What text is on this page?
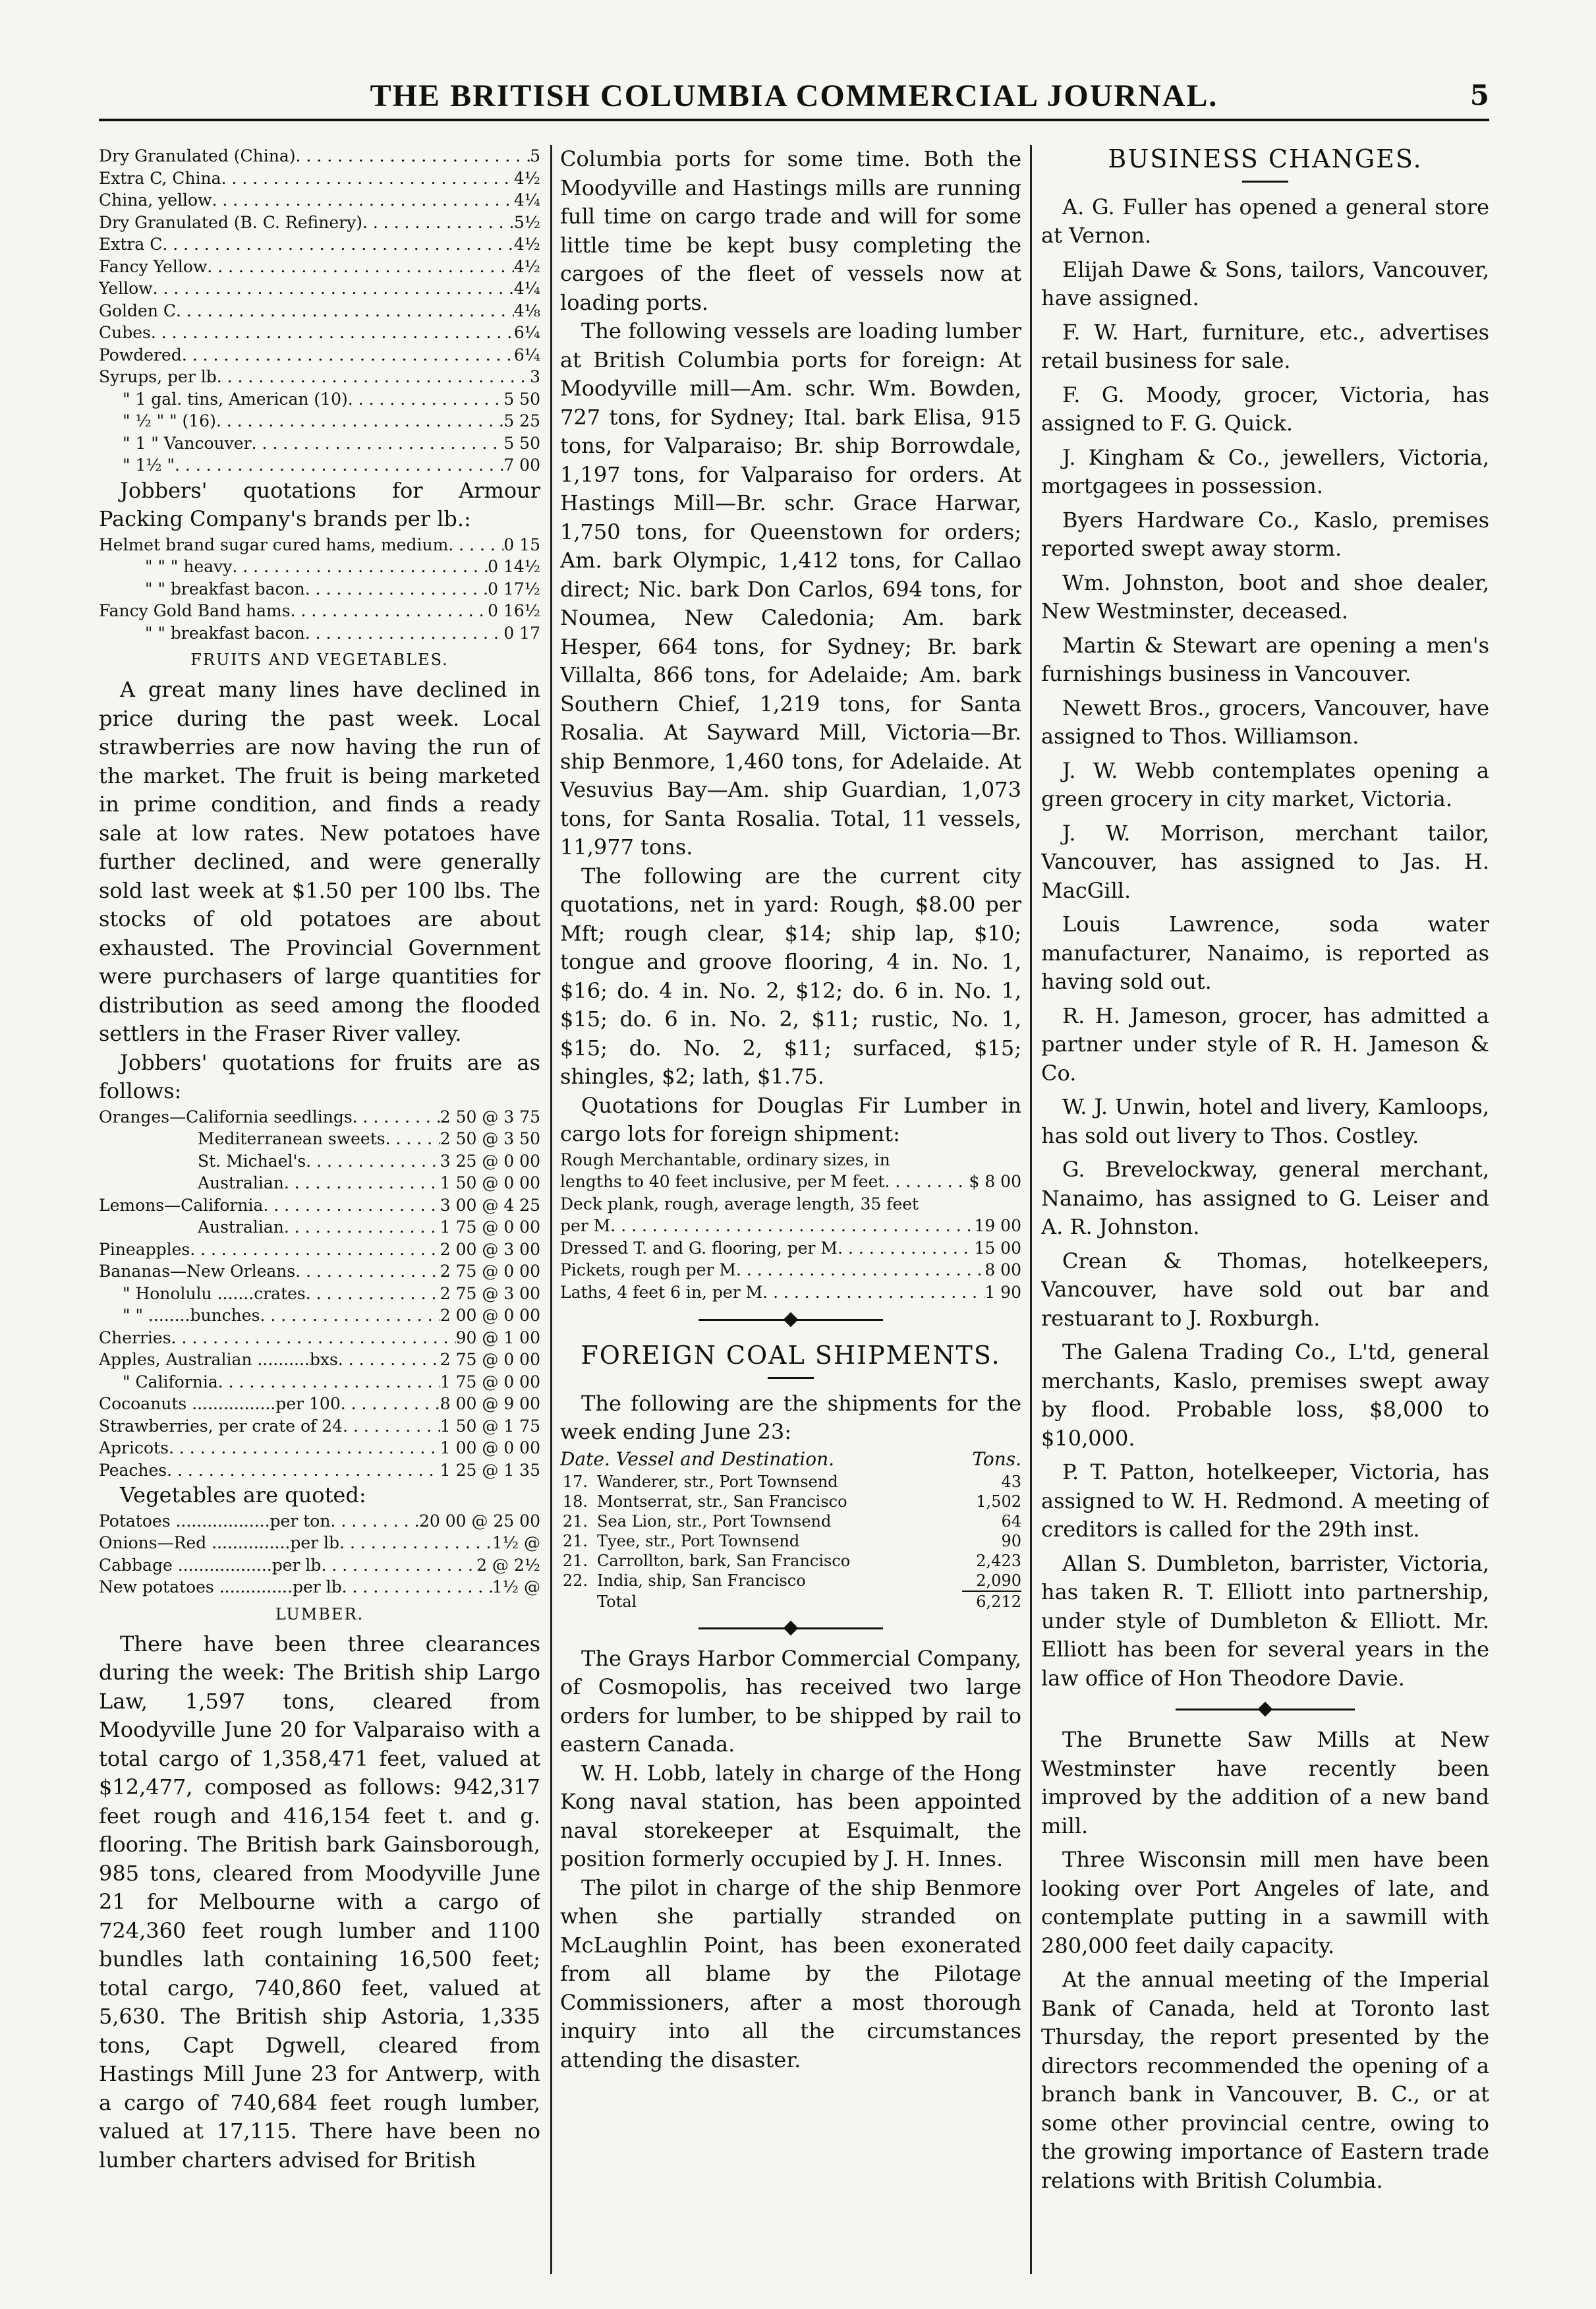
THE BRITISH COLUMBIA COMMERCIAL JOURNAL.	5
Dry Granulated (China) . . .	5
Extra C, China . . .	4½
China, yellow . . .	4¼
Dry Granulated (B. C. Refinery) . . .	5½
Extra C . . .	4½
Fancy Yellow . . .	4½
Yellow . . .	4¼
Golden C . . .	4⅛
Cubes . . .	6¼
Powdered . . .	6¼
Syrups, per lb . . .	3
" 1 gal. tins, American (10) . . .	5 50
" ½ " " (16) . . .	5 25
" 1 " Vancouver . . .	5 50
" 1½ " . . .	7 00

Jobbers' quotations for Armour Packing Company's brands per lb.:

Helmet brand sugar cured hams, medium . . .	0 15
" " " heavy . . .	0 14½
" " breakfast bacon . . .	0 17½
Fancy Gold Band hams . . .	0 16½
" " breakfast bacon . . .	0 17
FRUITS AND VEGETABLES.

A great many lines have declined in price during the past week. Local strawberries are now having the run of the market. The fruit is being marketed in prime condition, and finds a ready sale at low rates. New potatoes have further declined, and were generally sold last week at $1.50 per 100 lbs. The stocks of old potatoes are about exhausted. The Provincial Government were purchasers of large quantities for distribution as seed among the flooded settlers in the Fraser River valley.

Jobbers' quotations for fruits are as follows:

Oranges—California seedlings . . .	2 50 @ 3 75
Mediterranean sweets . . .	2 50 @ 3 50
St. Michael's . . .	3 25 @ 0 00
Australian . . .	1 50 @ 0 00
Lemons—California . . .	3 00 @ 4 25
Australian . . .	1 75 @ 0 00
Pineapples . . .	2 00 @ 3 00
Bananas—New Orleans . . .	2 75 @ 0 00
" Honolulu .......crates . . .	2 75 @ 3 00
" " ........bunches . . .	2 00 @ 0 00
Cherries . . .	90 @ 1 00
Apples, Australian ..........bxs . . .	2 75 @ 0 00
" California . . .	1 75 @ 0 00
Cocoanuts ................per 100 . . .	8 00 @ 9 00
Strawberries, per crate of 24 . . .	1 50 @ 1 75
Apricots . . .	1 00 @ 0 00
Peaches . . .	1 25 @ 1 35

Vegetables are quoted:

Potatoes ..................per ton . . .	20 00 @ 25 00
Onions—Red ...............per lb . . .	1½ @
Cabbage ..................per lb . . .	2 @ 2½
New potatoes ..............per lb . . .	1½ @
LUMBER.

There have been three clearances during the week: The British ship Largo Law, 1,597 tons, cleared from Moodyville June 20 for Valparaiso with a total cargo of 1,358,471 feet, valued at $12,477, composed as follows: 942,317 feet rough and 416,154 feet t. and g. flooring. The British bark Gainsborough, 985 tons, cleared from Moodyville June 21 for Melbourne with a cargo of 724,360 feet rough lumber and 1100 bundles lath containing 16,500 feet; total cargo, 740,860 feet, valued at 5,630. The British ship Astoria, 1,335 tons, Capt Dgwell, cleared from Hastings Mill June 23 for Antwerp, with a cargo of 740,684 feet rough lumber, valued at 17,115. There have been no lumber charters advised for British

Columbia ports for some time. Both the Moodyville and Hastings mills are running full time on cargo trade and will for some little time be kept busy completing the cargoes of the fleet of vessels now at loading ports.

The following vessels are loading lumber at British Columbia ports for foreign: At Moodyville mill—Am. schr. Wm. Bowden, 727 tons, for Sydney; Ital. bark Elisa, 915 tons, for Valparaiso; Br. ship Borrowdale, 1,197 tons, for Valparaiso for orders. At Hastings Mill—Br. schr. Grace Harwar, 1,750 tons, for Queenstown for orders; Am. bark Olympic, 1,412 tons, for Callao direct; Nic. bark Don Carlos, 694 tons, for Noumea, New Caledonia; Am. bark Hesper, 664 tons, for Sydney; Br. bark Villalta, 866 tons, for Adelaide; Am. bark Southern Chief, 1,219 tons, for Santa Rosalia. At Sayward Mill, Victoria—Br. ship Benmore, 1,460 tons, for Adelaide. At Vesuvius Bay—Am. ship Guardian, 1,073 tons, for Santa Rosalia. Total, 11 vessels, 11,977 tons.

The following are the current city quotations, net in yard: Rough, $8.00 per Mft; rough clear, $14; ship lap, $10; tongue and groove flooring, 4 in. No. 1, $16; do. 4 in. No. 2, $12; do. 6 in. No. 1, $15; do. 6 in. No. 2, $11; rustic, No. 1, $15; do. No. 2, $11; surfaced, $15; shingles, $2; lath, $1.75.

Quotations for Douglas Fir Lumber in cargo lots for foreign shipment:

Rough Merchantable, ordinary sizes, in
lengths to 40 feet inclusive, per M feet . . .	$ 8 00
Deck plank, rough, average length, 35 feet
per M . . .	19 00
Dressed T. and G. flooring, per M . . .	15 00
Pickets, rough per M . . .	8 00
Laths, 4 feet 6 in, per M . . .	1 90
FOREIGN COAL SHIPMENTS.

The following are the shipments for the week ending June 23:

Date. Vessel and Destination.	Tons.
17. Wanderer, str., Port Townsend	43
18. Montserrat, str., San Francisco	1,502
21. Sea Lion, str., Port Townsend	64
21. Tyee, str., Port Townsend	90
21. Carrollton, bark, San Francisco	2,423
22. India, ship, San Francisco	2,090
Total	6,212

The Grays Harbor Commercial Company, of Cosmopolis, has received two large orders for lumber, to be shipped by rail to eastern Canada.

W. H. Lobb, lately in charge of the Hong Kong naval station, has been appointed naval storekeeper at Esquimalt, the position formerly occupied by J. H. Innes.

The pilot in charge of the ship Benmore when she partially stranded on McLaughlin Point, has been exonerated from all blame by the Pilotage Commissioners, after a most thorough inquiry into all the circumstances attending the disaster.

BUSINESS CHANGES.

A. G. Fuller has opened a general store at Vernon.

Elijah Dawe & Sons, tailors, Vancouver, have assigned.

F. W. Hart, furniture, etc., advertises retail business for sale.

F. G. Moody, grocer, Victoria, has assigned to F. G. Quick.

J. Kingham & Co., jewellers, Victoria, mortgagees in possession.

Byers Hardware Co., Kaslo, premises reported swept away storm.

Wm. Johnston, boot and shoe dealer, New Westminster, deceased.

Martin & Stewart are opening a men's furnishings business in Vancouver.

Newett Bros., grocers, Vancouver, have assigned to Thos. Williamson.

J. W. Webb contemplates opening a green grocery in city market, Victoria.

J. W. Morrison, merchant tailor, Vancouver, has assigned to Jas. H. MacGill.

Louis Lawrence, soda water manufacturer, Nanaimo, is reported as having sold out.

R. H. Jameson, grocer, has admitted a partner under style of R. H. Jameson & Co.

W. J. Unwin, hotel and livery, Kamloops, has sold out livery to Thos. Costley.

G. Brevelockway, general merchant, Nanaimo, has assigned to G. Leiser and A. R. Johnston.

Crean & Thomas, hotelkeepers, Vancouver, have sold out bar and restuarant to J. Roxburgh.

The Galena Trading Co., L'td, general merchants, Kaslo, premises swept away by flood. Probable loss, $8,000 to $10,000.

P. T. Patton, hotelkeeper, Victoria, has assigned to W. H. Redmond. A meeting of creditors is called for the 29th inst.

Allan S. Dumbleton, barrister, Victoria, has taken R. T. Elliott into partnership, under style of Dumbleton & Elliott. Mr. Elliott has been for several years in the law office of Hon Theodore Davie.

The Brunette Saw Mills at New Westminster have recently been improved by the addition of a new band mill.

Three Wisconsin mill men have been looking over Port Angeles of late, and contemplate putting in a sawmill with 280,000 feet daily capacity.

At the annual meeting of the Imperial Bank of Canada, held at Toronto last Thursday, the report presented by the directors recommended the opening of a branch bank in Vancouver, B. C., or at some other provincial centre, owing to the growing importance of Eastern trade relations with British Columbia.
